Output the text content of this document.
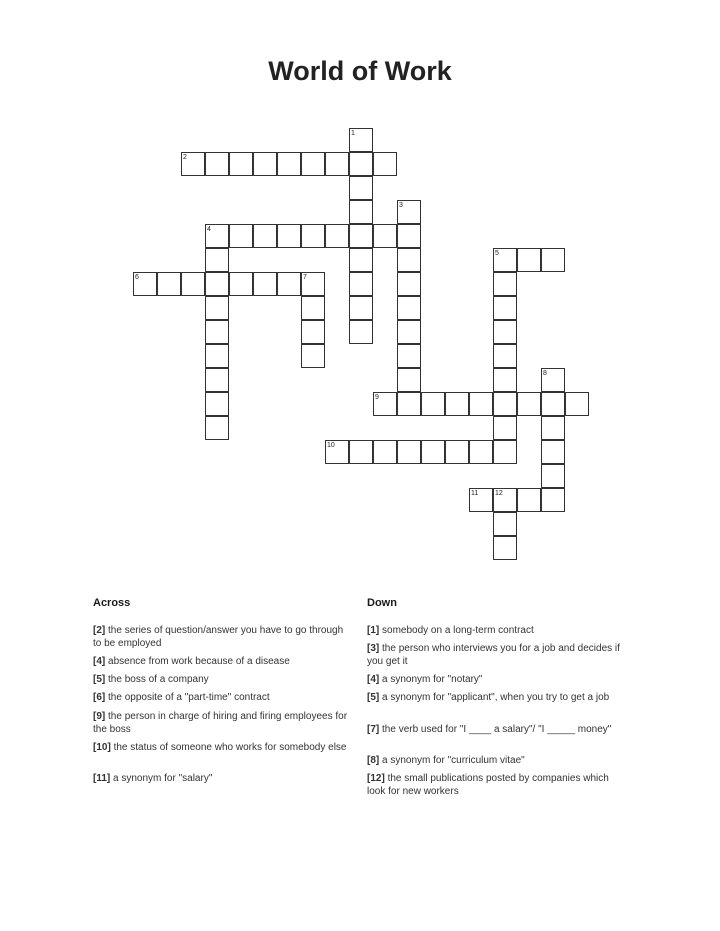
World of Work
1
2
3
4
5
6	7
8
9
10
11 12
Across
[2] the series of question/answer you have to go through to be employed
[4] absence from work because of a disease
[5] the boss of a company
[6] the opposite of a "part-time" contract
[9] the person in charge of hiring and firing employees for the boss
[10] the status of someone who works for somebody else
[11] a synonym for "salary"
Down
[1] somebody on a long-term contract
[3] the person who interviews you for a job and decides if you get it
[4] a synonym for "notary"
[5] a synonym for "applicant", when you try to get a job
[7] the verb used for "I ____ a salary"/ "I _____ money"
[8] a synonym for "curriculum vitae"
[12] the small publications posted by companies which look for new workers
